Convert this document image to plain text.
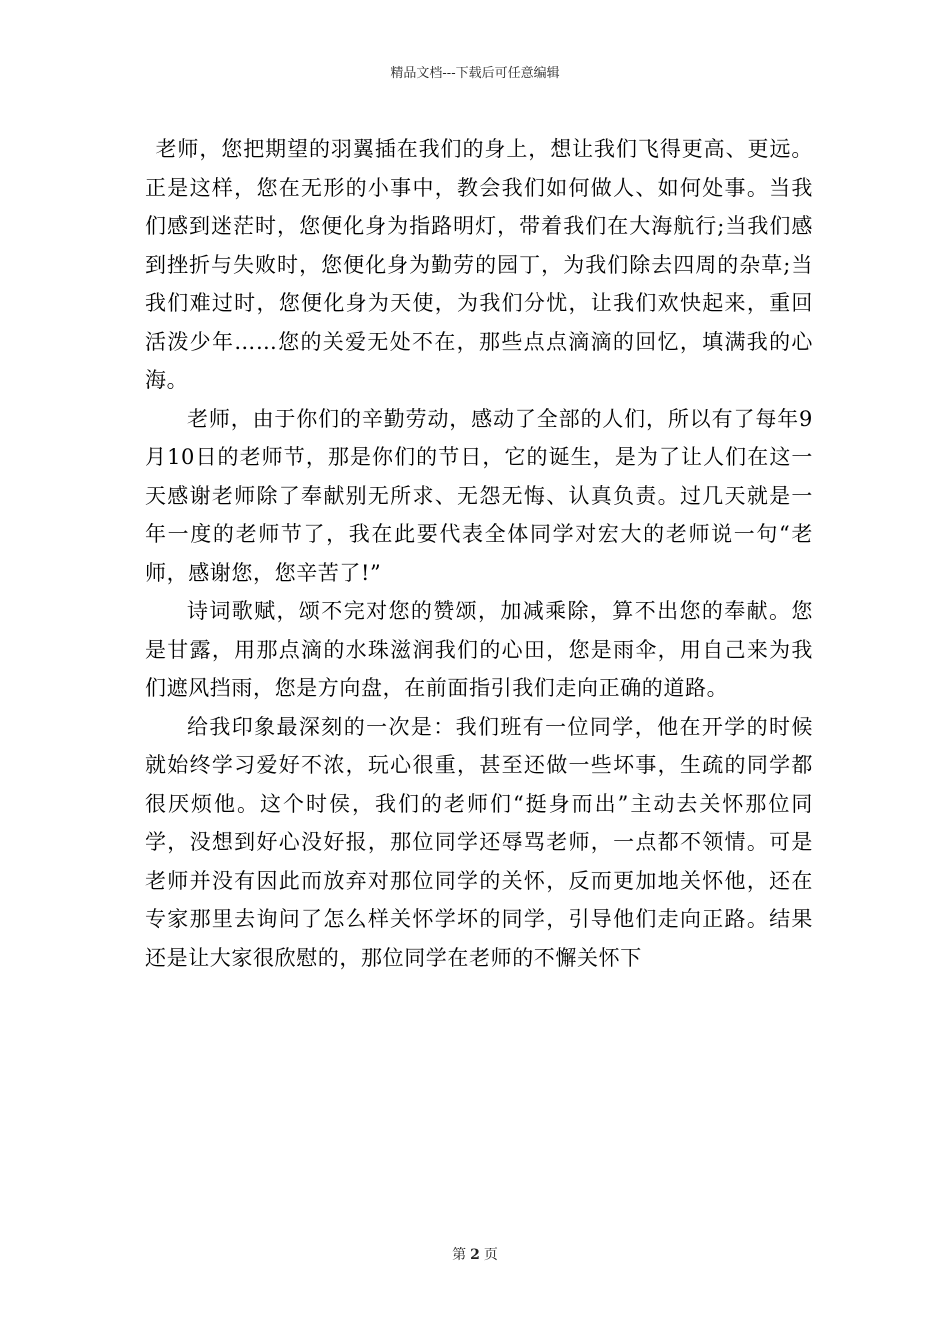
精品文档---下载后可任意编辑

老师，您把期望的羽翼插在我们的身上，想让我们飞得更高、更远。正是这样，您在无形的小事中，教会我们如何做人、如何处事。当我们感到迷茫时，您便化身为指路明灯，带着我们在大海航行;当我们感到挫折与失败时，您便化身为勤劳的园丁，为我们除去四周的杂草;当我们难过时，您便化身为天使，为我们分忧，让我们欢快起来，重回活泼少年……您的关爱无处不在，那些点点滴滴的回忆，填满我的心海。

老师，由于你们的辛勤劳动，感动了全部的人们，所以有了每年9月10日的老师节，那是你们的节日，它的诞生，是为了让人们在这一天感谢老师除了奉献别无所求、无怨无悔、认真负责。过几天就是一年一度的老师节了，我在此要代表全体同学对宏大的老师说一句“老师，感谢您，您辛苦了!”

诗词歌赋，颂不完对您的赞颂，加减乘除，算不出您的奉献。您是甘露，用那点滴的水珠滋润我们的心田，您是雨伞，用自己来为我们遮风挡雨，您是方向盘，在前面指引我们走向正确的道路。

给我印象最深刻的一次是：我们班有一位同学，他在开学的时候就始终学习爱好不浓，玩心很重，甚至还做一些坏事，生疏的同学都很厌烦他。这个时侯，我们的老师们“挺身而出”主动去关怀那位同学，没想到好心没好报，那位同学还辱骂老师，一点都不领情。可是老师并没有因此而放弃对那位同学的关怀，反而更加地关怀他，还在专家那里去询问了怎么样关怀学坏的同学，引导他们走向正路。结果还是让大家很欣慰的，那位同学在老师的不懈关怀下

第 2 页
